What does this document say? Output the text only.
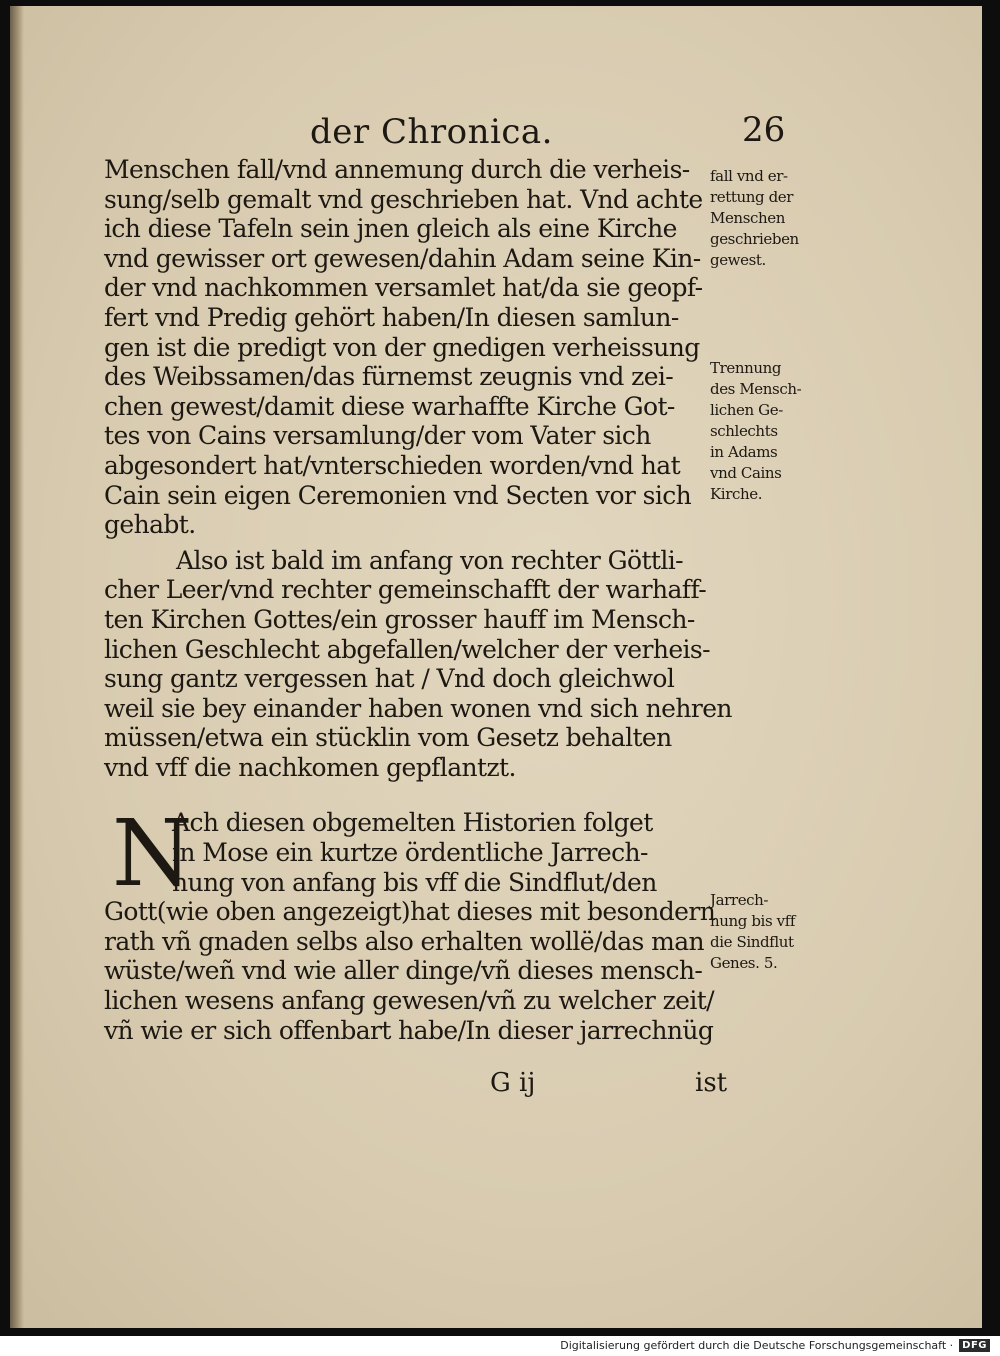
der Chronica.	26
Menschen fall/vnd annemung durch die verheis-
sung/selb gemalt vnd geschrieben hat. Vnd achte
ich diese Tafeln sein jnen gleich als eine Kirche
vnd gewisser ort gewesen/dahin Adam seine Kin-
der vnd nachkommen versamlet hat/da sie geopf-
fert vnd Predig gehört haben/In diesen samlun-
gen ist die predigt von der gnedigen verheissung
des Weibssamen/das fürnemst zeugnis vnd zei-
chen gewest/damit diese warhaffte Kirche Got-
tes von Cains versamlung/der vom Vater sich
abgesondert hat/vnterschieden worden/vnd hat
Cain sein eigen Ceremonien vnd Secten vor sich
gehabt.
Also ist bald im anfang von rechter Göttli-
cher Leer/vnd rechter gemeinschafft der warhaff-
ten Kirchen Gottes/ein grosser hauff im Mensch-
lichen Geschlecht abgefallen/welcher der verheis-
sung gantz vergessen hat / Vnd doch gleichwol
weil sie bey einander haben wonen vnd sich nehren
müssen/etwa ein stücklin vom Gesetz behalten
vnd vff die nachkomen gepflantzt.
N
Ach diesen obgemelten Historien folget
in Mose ein kurtze ördentliche Jarrech-
nung von anfang bis vff die Sindflut/den
Gott(wie oben angezeigt)hat dieses mit besondern
rath vñ gnaden selbs also erhalten wollë/das man
wüste/weñ vnd wie aller dinge/vñ dieses mensch-
lichen wesens anfang gewesen/vñ zu welcher zeit/
vñ wie er sich offenbart habe/In dieser jarrechnüg
fall vnd er-
rettung der
Menschen
geschrieben
gewest.
Trennung
des Mensch-
lichen Ge-
schlechts
in Adams
vnd Cains
Kirche.
Jarrech-
nung bis vff
die Sindflut
Genes. 5.
G ij	ist
Digitalisierung gefördert durch die Deutsche Forschungsgemeinschaft · DFG
